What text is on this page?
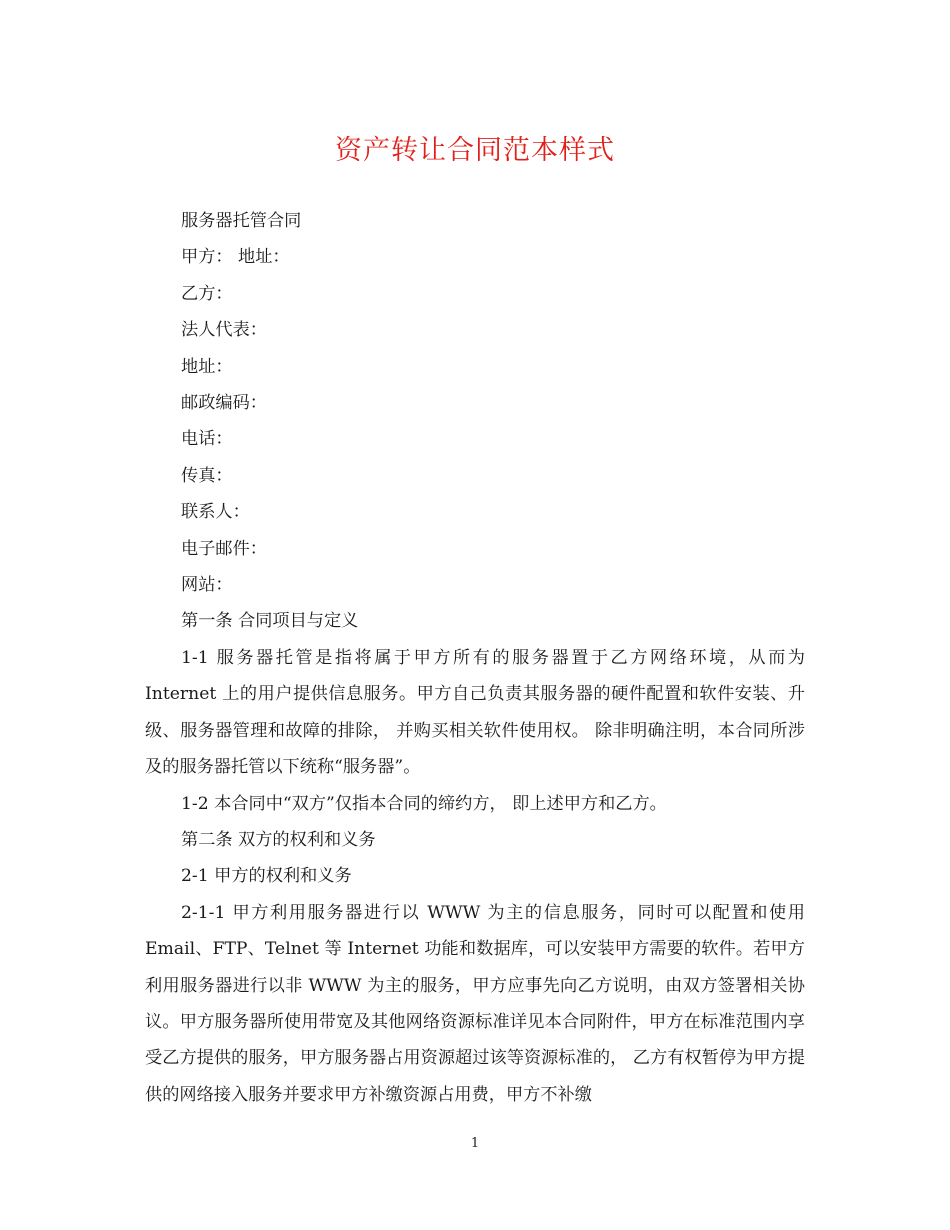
资产转让合同范本样式

服务器托管合同

甲方： 地址：

乙方：

法人代表：

地址：

邮政编码：

电话：

传真：

联系人：

电子邮件：

网站：

第一条 合同项目与定义

1-1 服务器托管是指将属于甲方所有的服务器置于乙方网络环境，从而为 Internet 上的用户提供信息服务。甲方自己负责其服务器的硬件配置和软件安装、升级、服务器管理和故障的排除， 并购买相关软件使用权。 除非明确注明，本合同所涉及的服务器托管以下统称“服务器”。

1-2 本合同中“双方”仅指本合同的缔约方， 即上述甲方和乙方。

第二条 双方的权利和义务

2-1 甲方的权利和义务

2-1-1 甲方利用服务器进行以 WWW 为主的信息服务，同时可以配置和使用 Email、FTP、Telnet 等 Internet 功能和数据库，可以安装甲方需要的软件。若甲方利用服务器进行以非 WWW 为主的服务，甲方应事先向乙方说明，由双方签署相关协议。甲方服务器所使用带宽及其他网络资源标准详见本合同附件，甲方在标准范围内享受乙方提供的服务，甲方服务器占用资源超过该等资源标准的， 乙方有权暂停为甲方提供的网络接入服务并要求甲方补缴资源占用费，甲方不补缴

1
